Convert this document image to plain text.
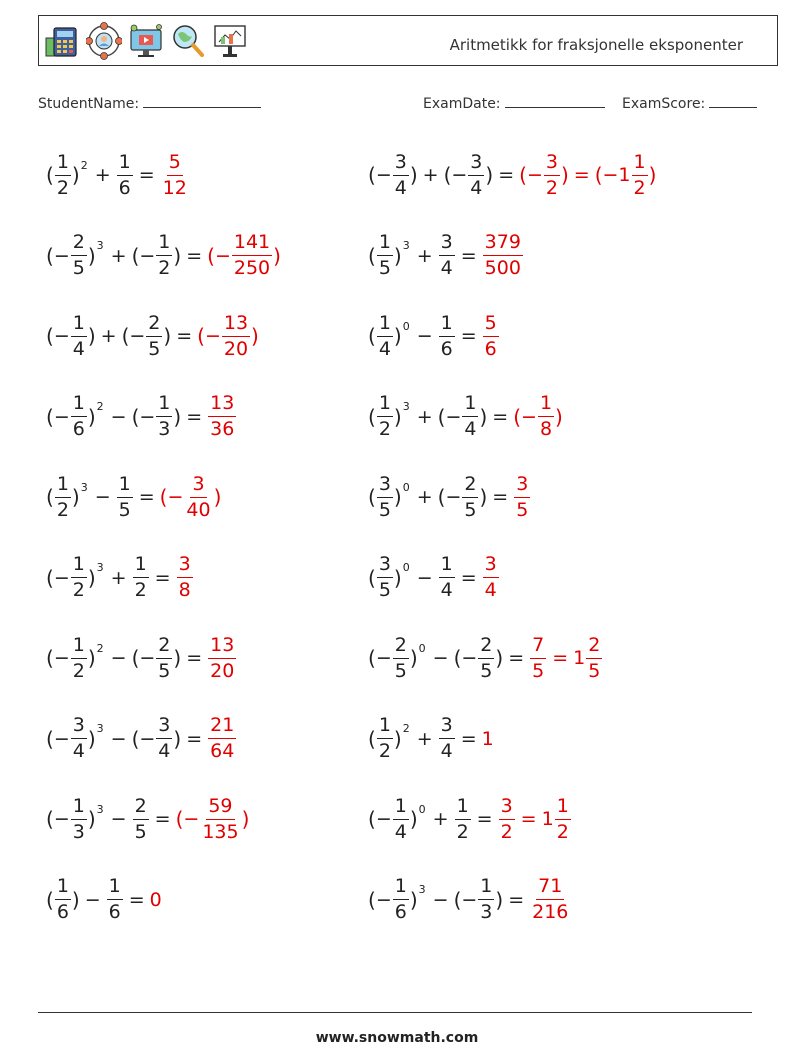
Aritmetikk for fraksjonelle eksponenter
StudentName:	ExamDate:	ExamScore:
( $\frac{1}{2}$ ) $2 + \frac{1}{6} = \frac{5}{12}$	( − $\frac{3}{4}$ ) + ( − $\frac{3}{4}$ ) = ( − $\frac{3}{2}$ ) = ( − $1 \frac{1}{2}$ )
( − $\frac{2}{5}$ ) 3 + ( − $\frac{1}{2}$ ) = ( − $\frac{141}{250}$ )	( $\frac{1}{5}$ ) $3 + \frac{3}{4} = \frac{379}{500}$
( − $\frac{1}{4}$ ) + ( − $\frac{2}{5}$ ) = ( − $\frac{13}{20}$ )	( $\frac{1}{4}$ ) $0 - \frac{1}{6} = \frac{5}{6}$
( − $\frac{1}{6}$ ) 2 − ( − $\frac{1}{3}$ ) = $\frac{13}{36}$	( $\frac{1}{2}$ ) 3 + ( − $\frac{1}{4}$ ) = ( − $\frac{1}{8}$ )
( $\frac{1}{2}$ ) $3 - \frac{1}{5}$ = ( − $\frac{3}{40}$ )	( $\frac{3}{5}$ ) 0 + ( − $\frac{2}{5}$ ) = $\frac{3}{5}$
( − $\frac{1}{2}$ ) $3 + \frac{1}{2} = \frac{3}{8}$	( $\frac{3}{5}$ ) $0 - \frac{1}{4} = \frac{3}{4}$
( − $\frac{1}{2}$ ) 2 − ( − $\frac{2}{5}$ ) = $\frac{13}{20}$	( − $\frac{2}{5}$ ) 0 − ( − $\frac{2}{5}$ ) = $\frac{7}{5} = 1 \frac{2}{5}$
( − $\frac{3}{4}$ ) 3 − ( − $\frac{3}{4}$ ) = $\frac{21}{64}$	( $\frac{1}{2}$ ) $2 + \frac{3}{4} = 1$
( − $\frac{1}{3}$ ) $3 - \frac{2}{5}$ = ( − $\frac{59}{135}$ )	( − $\frac{1}{4}$ ) $0 + \frac{1}{2} = \frac{3}{2} = 1 \frac{1}{2}$
( $\frac{1}{6}$ ) − $\frac{1}{6} = 0$	( − $\frac{1}{6}$ ) 3 − ( − $\frac{1}{3}$ ) = $\frac{71}{216}$
www.snowmath.com
